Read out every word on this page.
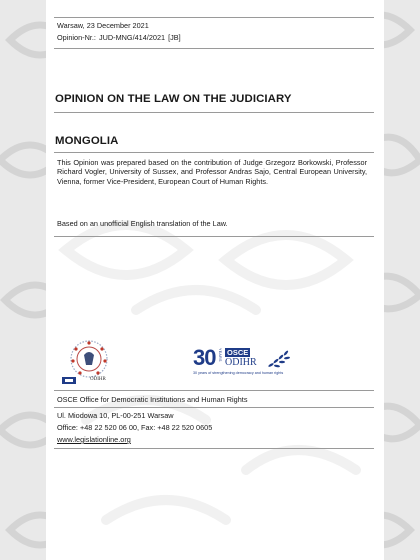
Warsaw, 23 December 2021
Opinion-Nr.: JUD-MNG/414/2021 [JB]
OPINION ON THE LAW ON THE JUDICIARY
MONGOLIA
This Opinion was prepared based on the contribution of Judge Grzegorz Borkowski, Professor Richard Vogler, University of Sussex, and Professor Andras Sajo, Central European University, Vienna, former Vice-President, European Court of Human Rights.
Based on an unofficial English translation of the Law.
ODIHR
30 YEARS OSCE
ODIHR
30 years of strengthening democracy and human rights
OSCE Office for Democratic Institutions and Human Rights
Ul. Miodowa 10, PL-00-251 Warsaw
Office: +48 22 520 06 00, Fax: +48 22 520 0605
www.legislationline.org
